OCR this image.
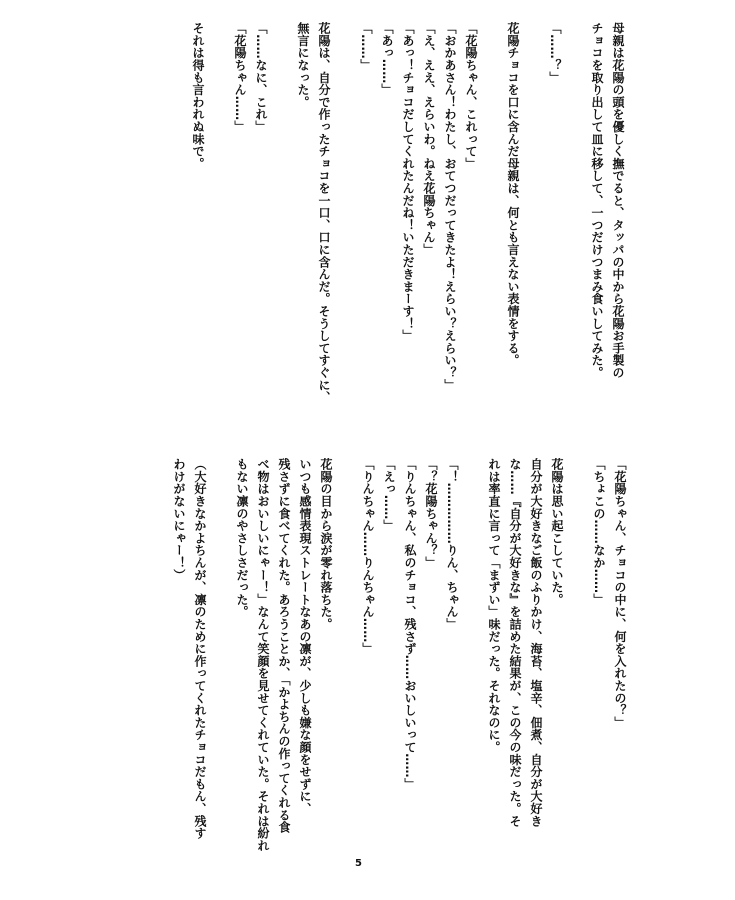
母親は花陽の頭を優しく撫でると、タッパの中から花陽お手製の
チョコを取り出して皿に移して、一つだけつまみ食いしてみた。

「……？」

花陽チョコを口に含んだ母親は、何とも言えない表情をする。

「花陽ちゃん、これって」
「おかあさん！わたし、おてつだってきたよ！えらい？えらい？」
「え、ええ、えらいわ。ねえ花陽ちゃん」
「あっ！チョコだしてくれたんだね！いただきまーす！」
「あっ……」
「……」

花陽は、自分で作ったチョコを一口、口に含んだ。そうしてすぐに、
無言になった。

「……なに、これ」
「花陽ちゃん……」

それは得も言われぬ味で。
「花陽ちゃん、チョコの中に、何を入れたの？」
「ちょこの……なか……」

花陽は思い起こしていた。
自分が大好きなご飯のふりかけ、海苔、塩辛、佃煮、自分が大好き
な……『自分が大好きな』を詰めた結果が、この今の味だった。そ
れは率直に言って「まずい」味だった。それなのに。

「！……………りん、ちゃん」
「？花陽ちゃん？」
「りんちゃん、私のチョコ、残さず……おいしいって……」
「えっ……」
「りんちゃん……りんちゃん……」

花陽の目から涙が零れ落ちた。
いつも感情表現ストレートなあの凛が、少しも嫌な顔をせずに、
残さずに食べてくれた。あろうことか、「かよちんの作ってくれる食
べ物はおいしいにゃー！」なんて笑顔を見せてくれていた。それは紛れ
もない凛のやさしさだった。

（大好きなかよちんが、凛のために作ってくれたチョコだもん、残す
わけがないにゃー！）
5
